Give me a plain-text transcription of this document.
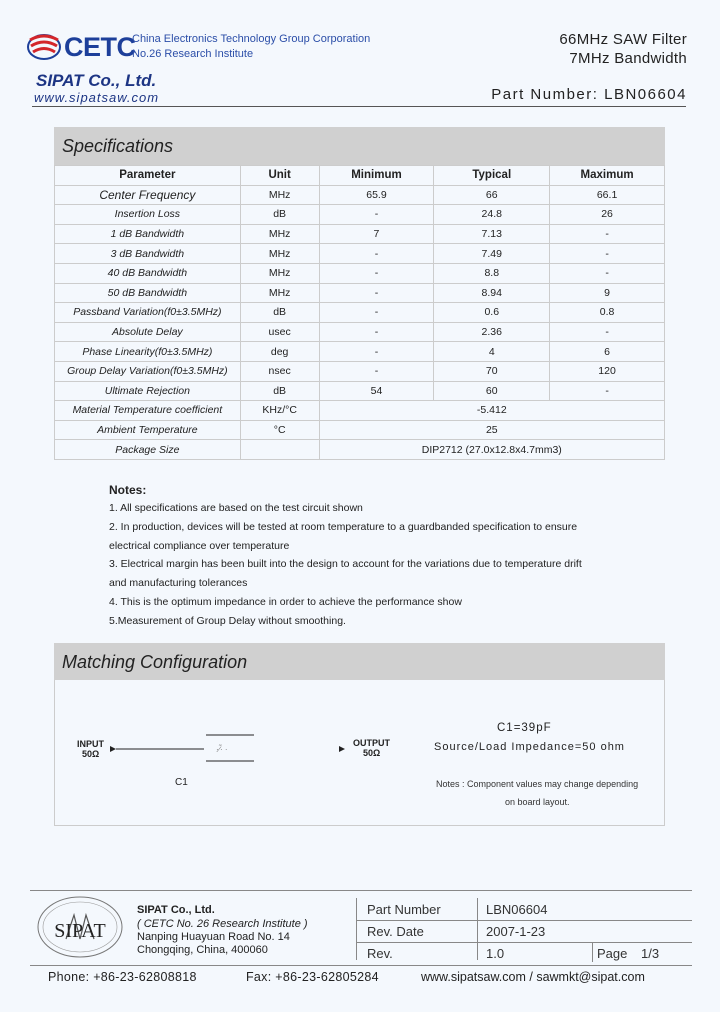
CETC
China Electronics Technology Group Corporation
No.26 Research Institute
SIPAT Co., Ltd.
www.sipatsaw.com
66MHz SAW Filter
7MHz Bandwidth
Part Number: LBN06604
Specifications
Parameter	Unit	Minimum	Typical	Maximum
Center Frequency	MHz	65.9	66	66.1
Insertion Loss	dB	-	24.8	26
1 dB Bandwidth	MHz	7	7.13	-
3 dB Bandwidth	MHz	-	7.49	-
40 dB Bandwidth	MHz	-	8.8	-
50 dB Bandwidth	MHz	-	8.94	9
Passband Variation(f0±3.5MHz)	dB	-	0.6	0.8
Absolute Delay	usec	-	2.36	-
Phase Linearity(f0±3.5MHz)	deg	-	4	6
Group Delay Variation(f0±3.5MHz)	nsec	-	70	120
Ultimate Rejection	dB	54	60	-
Material Temperature coefficient	KHz/°C	-5.412		
Ambient Temperature	°C	25		
Package Size		DIP2712 (27.0x12.8x4.7mm3)		
Notes:
1. All specifications are based on the test circuit shown
2. In production, devices will be tested at room temperature to a guardbanded specification to ensure
electrical compliance over temperature
3. Electrical margin has been built into the design to account for the variations due to temperature drift
and manufacturing tolerances
4. This is the optimum impedance in order to achieve the performance show
5.Measurement of Group Delay without smoothing.
Matching Configuration
INPUT
50Ω	·∕·̃ ·
C1
OUTPUT
50Ω
C1=39pF
Source/Load Impedance=50 ohm
Notes : Component values may change depending
on board layout.
SIPAT
SIPAT Co., Ltd.
( CETC No. 26 Research Institute )
Nanping Huayuan Road No. 14
Chongqing, China, 400060
Part Number	LBN06604
Rev. Date	2007-1-23
Rev.	1.0	Page 1/3
Phone: +86-23-62808818	Fax: +86-23-62805284	www.sipatsaw.com / sawmkt@sipat.com
